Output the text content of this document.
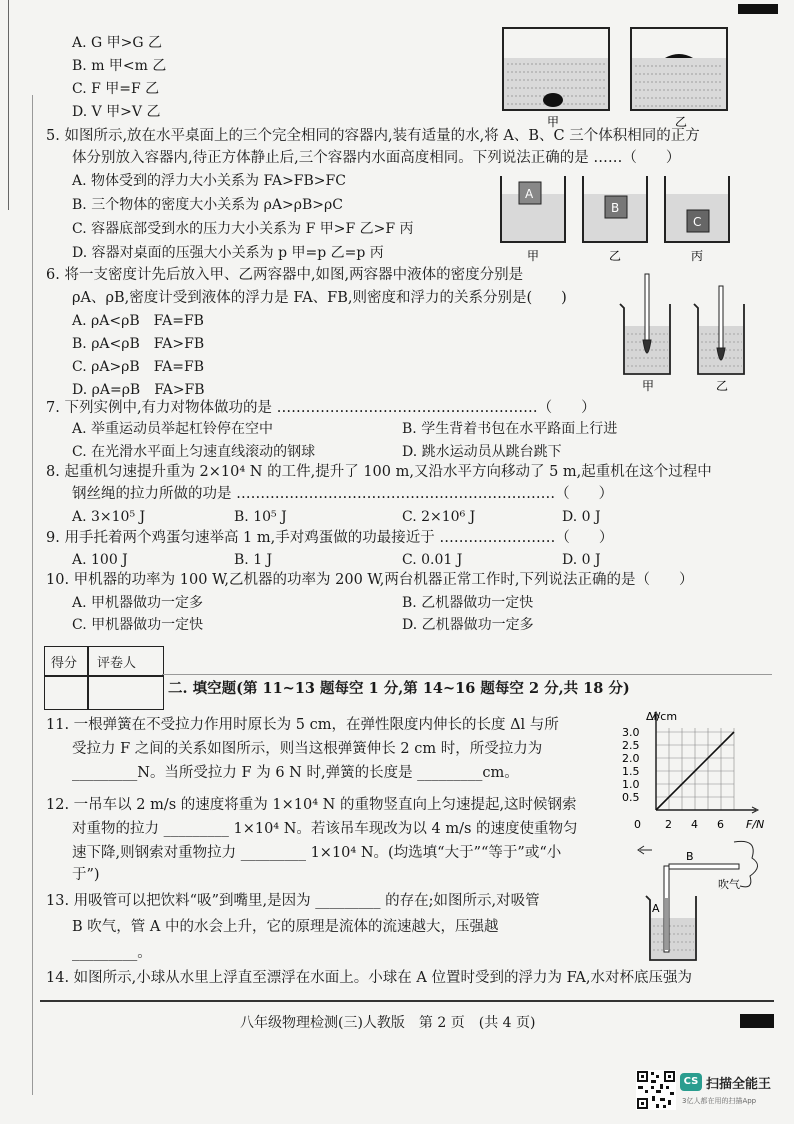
A. G 甲>G 乙
B. m 甲<m 乙
C. F 甲=F 乙
D. V 甲>V 乙
甲	乙
5. 如图所示,放在水平桌面上的三个完全相同的容器内,装有适量的水,将 A、B、C 三个体积相同的正方
体分别放入容器内,待正方体静止后,三个容器内水面高度相同。下列说法正确的是 ……（　　）
A. 物体受到的浮力大小关系为 FA>FB>FC
B. 三个物体的密度大小关系为 ρA>ρB>ρC
C. 容器底部受到水的压力大小关系为 F 甲>F 乙>F 丙
D. 容器对桌面的压强大小关系为 p 甲=p 乙=p 丙
A
B
C
甲	乙	丙
6. 将一支密度计先后放入甲、乙两容器中,如图,两容器中液体的密度分别是
ρA、ρB,密度计受到液体的浮力是 FA、FB,则密度和浮力的关系分别是(　　)
A. ρA<ρB　FA=FB
B. ρA<ρB　FA>FB
C. ρA>ρB　FA=FB
D. ρA=ρB　FA>FB	甲	乙
7. 下列实例中,有力对物体做功的是 ………………………………………………（　　）
A. 举重运动员举起杠铃停在空中	B. 学生背着书包在水平路面上行进
C. 在光滑水平面上匀速直线滚动的钢球	D. 跳水运动员从跳台跳下
8. 起重机匀速提升重为 2×10⁴ N 的工件,提升了 100 m,又沿水平方向移动了 5 m,起重机在这个过程中
钢丝绳的拉力所做的功是 …………………………………………………………（　　）
A. 3×10⁵ J	B. 10⁵ J	C. 2×10⁶ J	D. 0 J
9. 用手托着两个鸡蛋匀速举高 1 m,手对鸡蛋做的功最接近于 ……………………（　　）
A. 100 J	B. 1 J	C. 0.01 J	D. 0 J
10. 甲机器的功率为 100 W,乙机器的功率为 200 W,两台机器正常工作时,下列说法正确的是（　　）
A. 甲机器做功一定多	B. 乙机器做功一定快
C. 甲机器做功一定快	D. 乙机器做功一定多
得分 评卷人
二. 填空题(第 11~13 题每空 1 分,第 14~16 题每空 2 分,共 18 分)
11. 一根弹簧在不受拉力作用时原长为 5 cm，在弹性限度内伸长的长度 Δl 与所
受拉力 F 之间的关系如图所示，则当这根弹簧伸长 2 cm 时，所受拉力为
_________N。当所受拉力 F 为 6 N 时,弹簧的长度是 _________cm。
Δl/cm
F/N
3.0
2.5
2.0
1.5
1.0
0.5
0 2 4 6
12. 一吊车以 2 m/s 的速度将重为 1×10⁴ N 的重物竖直向上匀速提起,这时候钢索
对重物的拉力 _________ 1×10⁴ N。若该吊车现改为以 4 m/s 的速度使重物匀
速下降,则钢索对重物拉力 _________ 1×10⁴ N。(均选填“大于”“等于”或“小
于”)
13. 用吸管可以把饮料“吸”到嘴里,是因为 _________ 的存在;如图所示,对吸管
B 吹气，管 A 中的水会上升，它的原理是流体的流速越大，压强越
_________。
B
吹气
A
14. 如图所示,小球从水里上浮直至漂浮在水面上。小球在 A 位置时受到的浮力为 FA,水对杯底压强为
八年级物理检测(三)人教版　第 2 页　(共 4 页)
CS 扫描全能王
3亿人都在用的扫描App
